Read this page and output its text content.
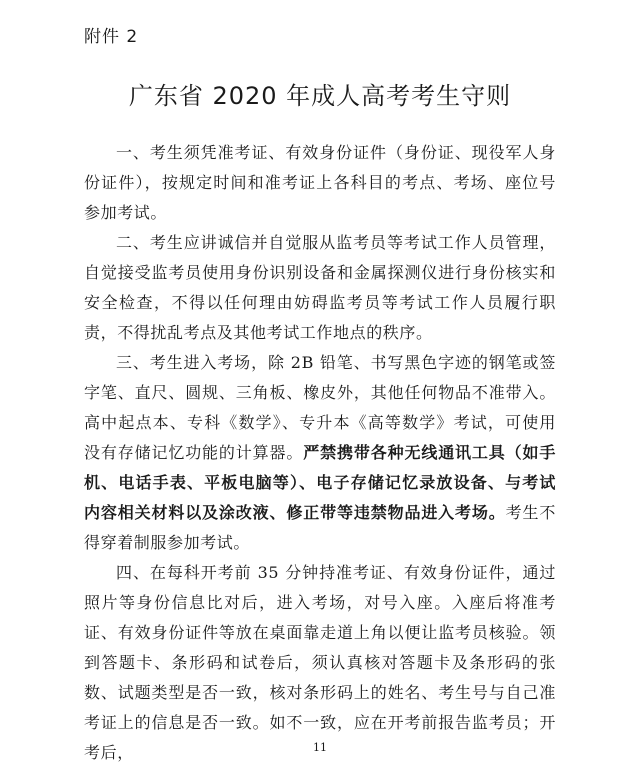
附件 2
广东省 2020 年成人高考考生守则

一、考生须凭准考证、有效身份证件（身份证、现役军人身份证件），按规定时间和准考证上各科目的考点、考场、座位号参加考试。

二、考生应讲诚信并自觉服从监考员等考试工作人员管理，自觉接受监考员使用身份识别设备和金属探测仪进行身份核实和安全检查，不得以任何理由妨碍监考员等考试工作人员履行职责，不得扰乱考点及其他考试工作地点的秩序。

三、考生进入考场，除 2B 铅笔、书写黑色字迹的钢笔或签字笔、直尺、圆规、三角板、橡皮外，其他任何物品不准带入。高中起点本、专科《数学》、专升本《高等数学》考试，可使用没有存储记忆功能的计算器。严禁携带各种无线通讯工具（如手机、电话手表、平板电脑等）、电子存储记忆录放设备、与考试内容相关材料以及涂改液、修正带等违禁物品进入考场。考生不得穿着制服参加考试。

四、在每科开考前 35 分钟持准考证、有效身份证件，通过照片等身份信息比对后，进入考场，对号入座。入座后将准考证、有效身份证件等放在桌面靠走道上角以便让监考员核验。领到答题卡、条形码和试卷后，须认真核对答题卡及条形码的张数、试题类型是否一致，核对条形码上的姓名、考生号与自己准考证上的信息是否一致。如不一致，应在开考前报告监考员；开考后，	11
